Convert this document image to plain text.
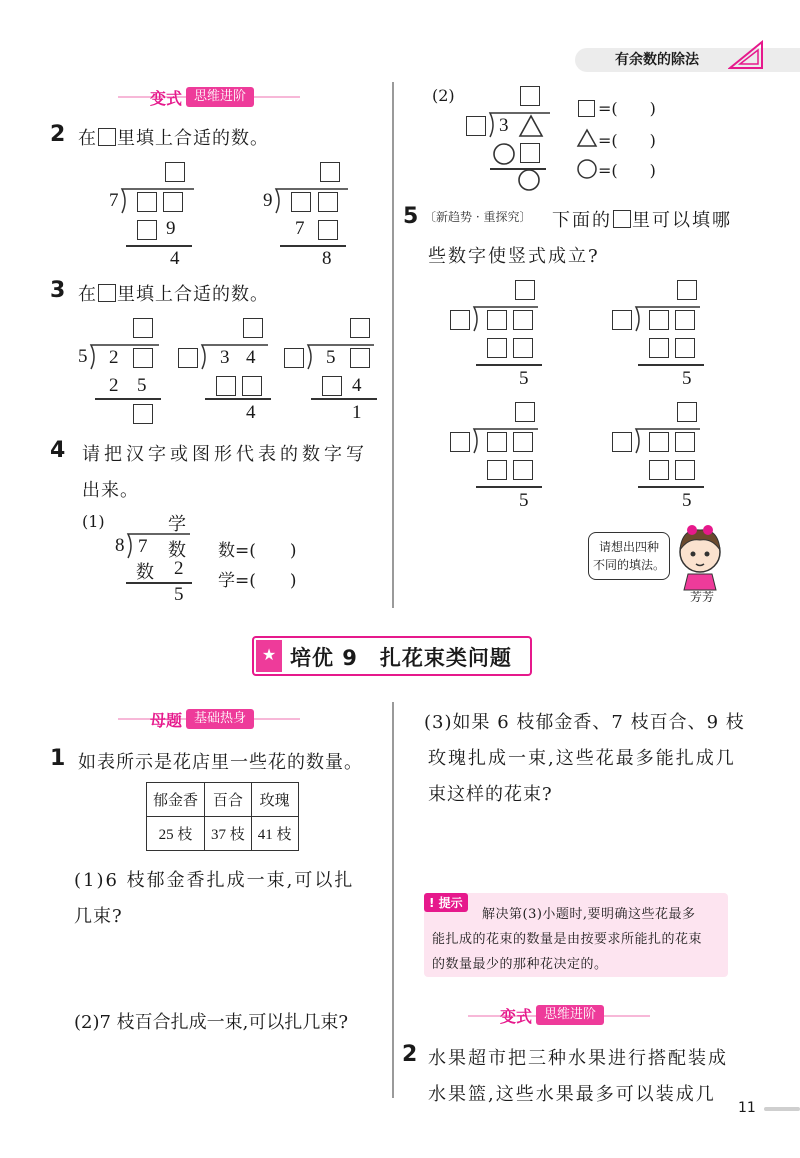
有余数的除法
变式 思维进阶
2 在 里填上合适的数。
7
9
4
9
7
8
3 在 里填上合适的数。
5 2
2 5
3 4
4
5
4
1
4 请把汉字或图形代表的数字写
出来。
(1)	学
8 7 数
数 2
5
数=(　　)
学=(　　)
(2)
3
=(　　)
=(　　)
=(　　)
5 〔新趋势 · 重探究〕 下面的 里可以填哪
些数字使竖式成立?
5	5
5	5
请想出四种
不同的填法。
芳芳
★ 培优 9　扎花束类问题
母题 基础热身
1 如表所示是花店里一些花的数量。
郁金香	百合	玫瑰
25 枝	37 枝	41 枝
(1)6 枝郁金香扎成一束,可以扎
几束?
(2)7 枝百合扎成一束,可以扎几束?
(3)如果 6 枝郁金香、7 枝百合、9 枝
玫瑰扎成一束,这些花最多能扎成几
束这样的花束?
! 提示
解决第(3)小题时,要明确这些花最多
能扎成的花束的数量是由按要求所能扎的花束
的数量最少的那种花决定的。
变式 思维进阶
2 水果超市把三种水果进行搭配装成
水果篮,这些水果最多可以装成几
11
